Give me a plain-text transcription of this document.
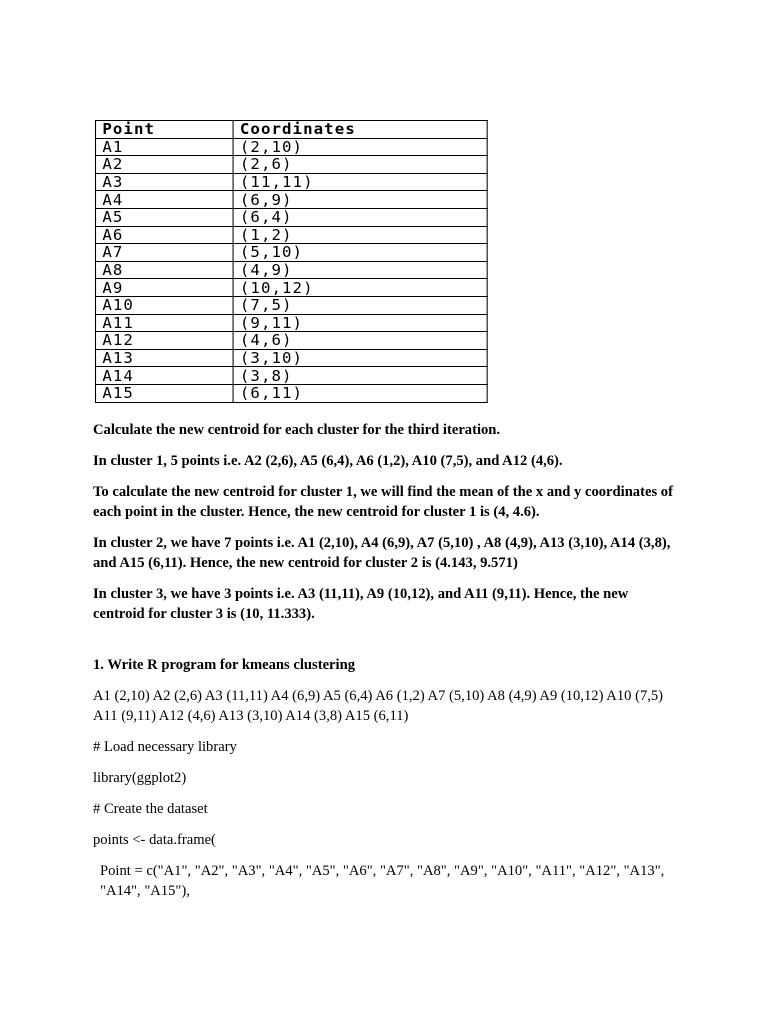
Point	Coordinates
A1	(2,10)
A2	(2,6)
A3	(11,11)
A4	(6,9)
A5	(6,4)
A6	(1,2)
A7	(5,10)
A8	(4,9)
A9	(10,12)
A10	(7,5)
A11	(9,11)
A12	(4,6)
A13	(3,10)
A14	(3,8)
A15	(6,11)

Calculate the new centroid for each cluster for the third iteration.

In cluster 1, 5 points i.e. A2 (2,6), A5 (6,4), A6 (1,2), A10 (7,5), and A12 (4,6).

To calculate the new centroid for cluster 1, we will find the mean of the x and y coordinates of each point in the cluster. Hence, the new centroid for cluster 1 is (4, 4.6).

In cluster 2, we have 7 points i.e. A1 (2,10), A4 (6,9), A7 (5,10) , A8 (4,9), A13 (3,10), A14 (3,8), and A15 (6,11). Hence, the new centroid for cluster 2 is (4.143, 9.571)

In cluster 3, we have 3 points i.e. A3 (11,11), A9 (10,12), and A11 (9,11). Hence, the new centroid for cluster 3 is (10, 11.333).

1. Write R program for kmeans clustering

A1 (2,10) A2 (2,6) A3 (11,11) A4 (6,9) A5 (6,4) A6 (1,2) A7 (5,10) A8 (4,9) A9 (10,12) A10 (7,5) A11 (9,11) A12 (4,6) A13 (3,10) A14 (3,8) A15 (6,11)

# Load necessary library

library(ggplot2)

# Create the dataset

points <- data.frame(

Point = c("A1", "A2", "A3", "A4", "A5", "A6", "A7", "A8", "A9", "A10", "A11", "A12", "A13", "A14", "A15"),
